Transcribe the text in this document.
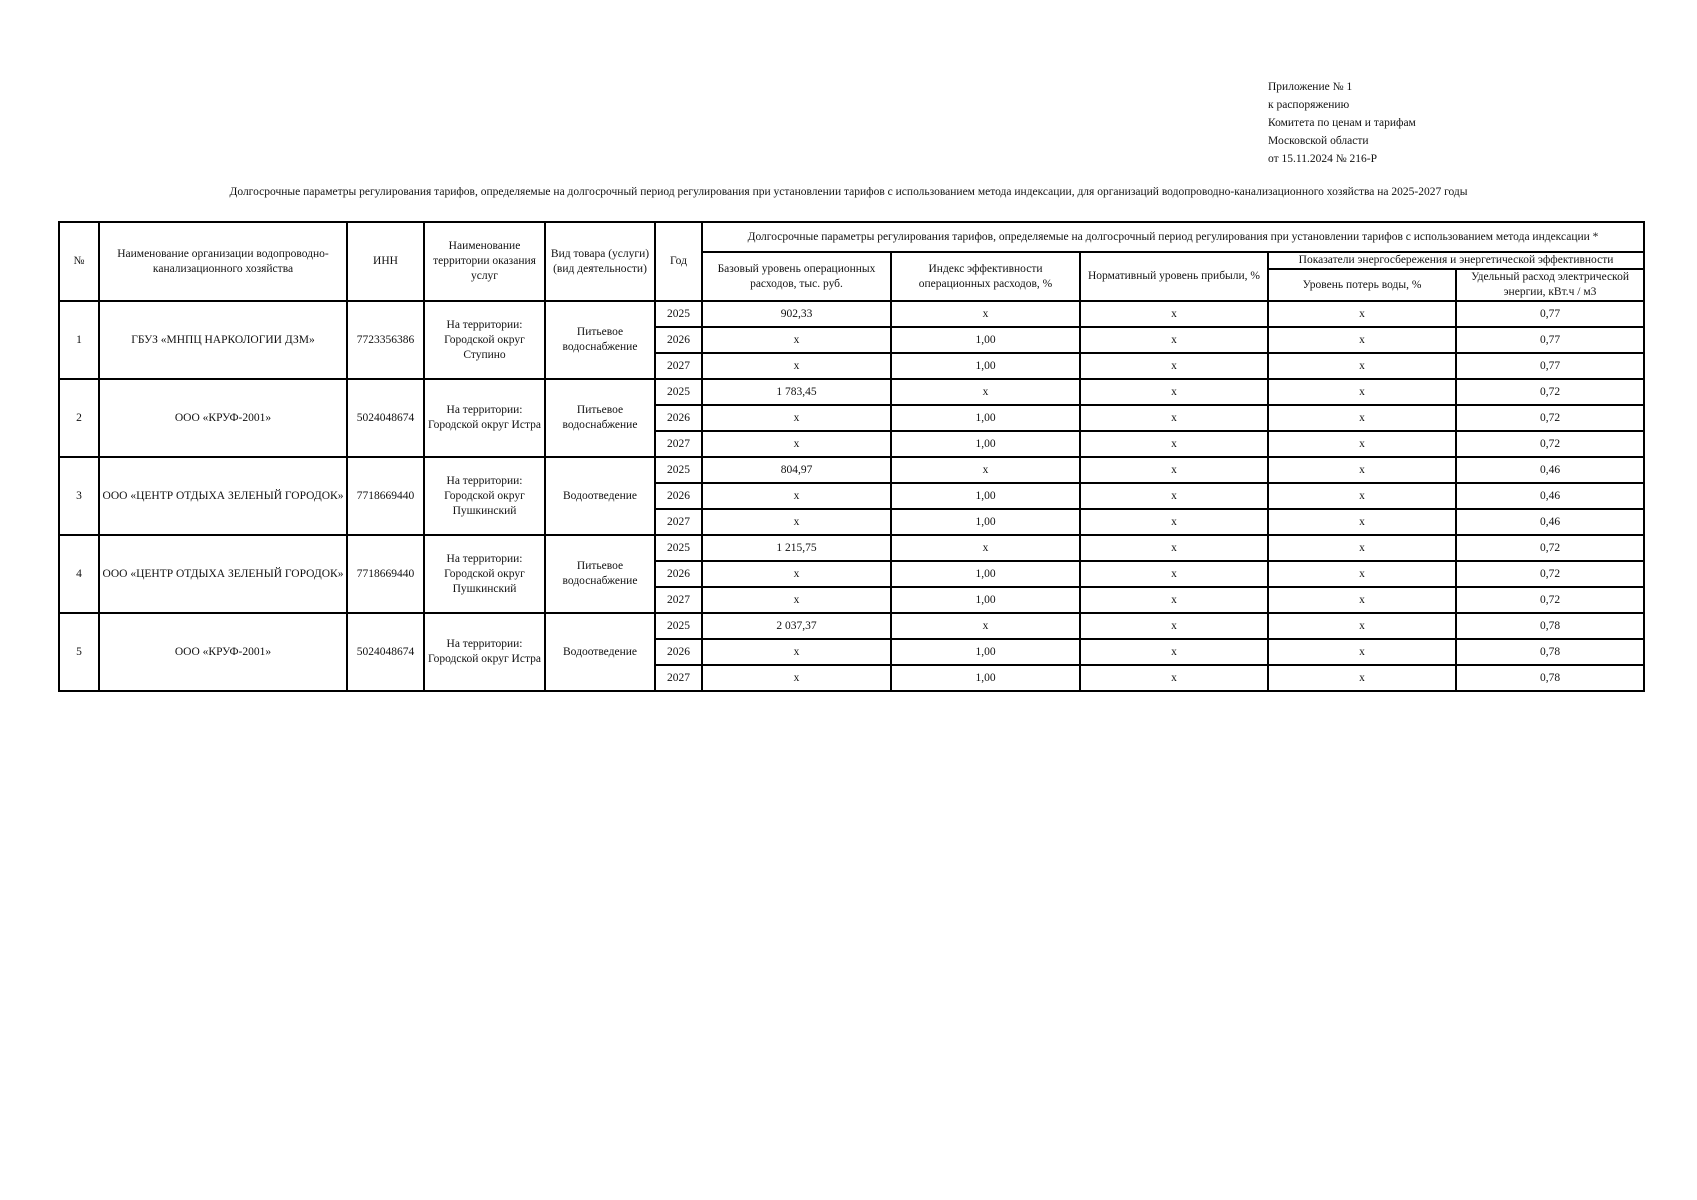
Приложение № 1
к распоряжению
Комитета по ценам и тарифам
Московской области
от 15.11.2024 № 216-Р
Долгосрочные параметры регулирования тарифов, определяемые на долгосрочный период регулирования при установлении тарифов с использованием метода индексации, для организаций водопроводно-канализационного хозяйства на 2025-2027 годы
№	Наименование организации водопроводно-канализационного хозяйства	ИНН	Наименование территории оказания услуг	Вид товара (услуги) (вид деятельности)	Год	Долгосрочные параметры регулирования тарифов, определяемые на долгосрочный период регулирования при установлении тарифов с использованием метода индексации *				
						Базовый уровень операционных расходов, тыс. руб.	Индекс эффективности операционных расходов, %	Нормативный уровень прибыли, %	Показатели энергосбережения и энергетической эффективности	
									Уровень потерь воды, %	Удельный расход электрической энергии, кВт.ч / м3
1	ГБУЗ «МНПЦ НАРКОЛОГИИ ДЗМ»	7723356386	На территории: Городской округ Ступино	Питьевое водоснабжение	2025	902,33	x	x	x	0,77
					2026	x	1,00	x	x	0,77
					2027	x	1,00	x	x	0,77
2	ООО «КРУФ-2001»	5024048674	На территории: Городской округ Истра	Питьевое водоснабжение	2025	1 783,45	x	x	x	0,72
					2026	x	1,00	x	x	0,72
					2027	x	1,00	x	x	0,72
3	ООО «ЦЕНТР ОТДЫХА ЗЕЛЕНЫЙ ГОРОДОК»	7718669440	На территории: Городской округ Пушкинский	Водоотведение	2025	804,97	x	x	x	0,46
					2026	x	1,00	x	x	0,46
					2027	x	1,00	x	x	0,46
4	ООО «ЦЕНТР ОТДЫХА ЗЕЛЕНЫЙ ГОРОДОК»	7718669440	На территории: Городской округ Пушкинский	Питьевое водоснабжение	2025	1 215,75	x	x	x	0,72
					2026	x	1,00	x	x	0,72
					2027	x	1,00	x	x	0,72
5	ООО «КРУФ-2001»	5024048674	На территории: Городской округ Истра	Водоотведение	2025	2 037,37	x	x	x	0,78
					2026	x	1,00	x	x	0,78
					2027	x	1,00	x	x	0,78
